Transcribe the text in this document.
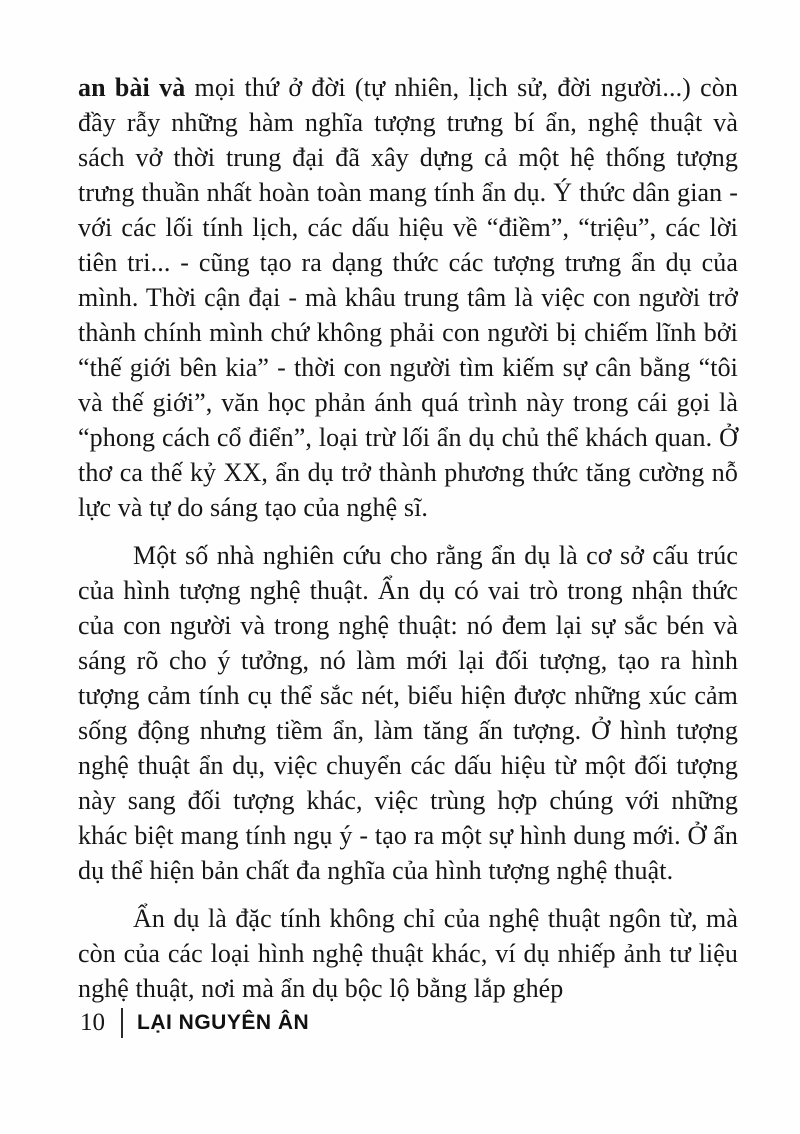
an bài và mọi thứ ở đời (tự nhiên, lịch sử, đời người...) còn đầy rẫy những hàm nghĩa tượng trưng bí ẩn, nghệ thuật và sách vở thời trung đại đã xây dựng cả một hệ thống tượng trưng thuần nhất hoàn toàn mang tính ẩn dụ. Ý thức dân gian - với các lối tính lịch, các dấu hiệu về “điềm”, “triệu”, các lời tiên tri... - cũng tạo ra dạng thức các tượng trưng ẩn dụ của mình. Thời cận đại - mà khâu trung tâm là việc con người trở thành chính mình chứ không phải con người bị chiếm lĩnh bởi “thế giới bên kia” - thời con người tìm kiếm sự cân bằng “tôi và thế giới”, văn học phản ánh quá trình này trong cái gọi là “phong cách cổ điển”, loại trừ lối ẩn dụ chủ thể khách quan. Ở thơ ca thế kỷ XX, ẩn dụ trở thành phương thức tăng cường nỗ lực và tự do sáng tạo của nghệ sĩ.

Một số nhà nghiên cứu cho rằng ẩn dụ là cơ sở cấu trúc của hình tượng nghệ thuật. Ẩn dụ có vai trò trong nhận thức của con người và trong nghệ thuật: nó đem lại sự sắc bén và sáng rõ cho ý tưởng, nó làm mới lại đối tượng, tạo ra hình tượng cảm tính cụ thể sắc nét, biểu hiện được những xúc cảm sống động nhưng tiềm ẩn, làm tăng ấn tượng. Ở hình tượng nghệ thuật ẩn dụ, việc chuyển các dấu hiệu từ một đối tượng này sang đối tượng khác, việc trùng hợp chúng với những khác biệt mang tính ngụ ý - tạo ra một sự hình dung mới. Ở ẩn dụ thể hiện bản chất đa nghĩa của hình tượng nghệ thuật.

Ẩn dụ là đặc tính không chỉ của nghệ thuật ngôn từ, mà còn của các loại hình nghệ thuật khác, ví dụ nhiếp ảnh tư liệu nghệ thuật, nơi mà ẩn dụ bộc lộ bằng lắp ghép

10 LẠI NGUYÊN ÂN
